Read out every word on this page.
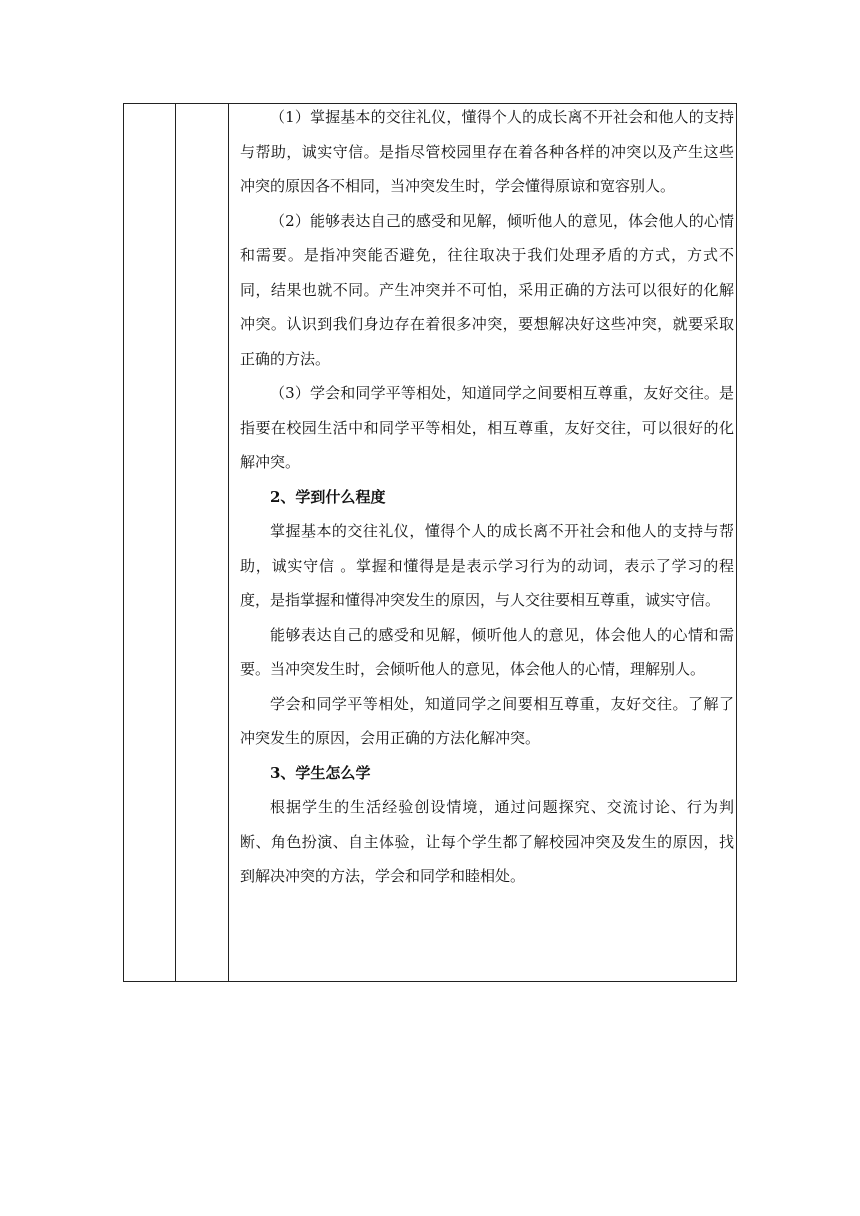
（1）掌握基本的交往礼仪，懂得个人的成长离不开社会和他人的支持与帮助，诚实守信。是指尽管校园里存在着各种各样的冲突以及产生这些冲突的原因各不相同，当冲突发生时，学会懂得原谅和宽容别人。

（2）能够表达自己的感受和见解，倾听他人的意见，体会他人的心情和需要。是指冲突能否避免，往往取决于我们处理矛盾的方式，方式不同，结果也就不同。产生冲突并不可怕，采用正确的方法可以很好的化解冲突。认识到我们身边存在着很多冲突，要想解决好这些冲突，就要采取正确的方法。

（3）学会和同学平等相处，知道同学之间要相互尊重，友好交往。是指要在校园生活中和同学平等相处，相互尊重，友好交往，可以很好的化解冲突。

2、学到什么程度

掌握基本的交往礼仪，懂得个人的成长离不开社会和他人的支持与帮助，诚实守信 。掌握和懂得是是表示学习行为的动词，表示了学习的程度，是指掌握和懂得冲突发生的原因，与人交往要相互尊重，诚实守信。

能够表达自己的感受和见解，倾听他人的意见，体会他人的心情和需要。当冲突发生时，会倾听他人的意见，体会他人的心情，理解别人。

学会和同学平等相处，知道同学之间要相互尊重，友好交往。了解了冲突发生的原因，会用正确的方法化解冲突。

3、学生怎么学

根据学生的生活经验创设情境，通过问题探究、交流讨论、行为判断、角色扮演、自主体验，让每个学生都了解校园冲突及发生的原因，找到解决冲突的方法，学会和同学和睦相处。
